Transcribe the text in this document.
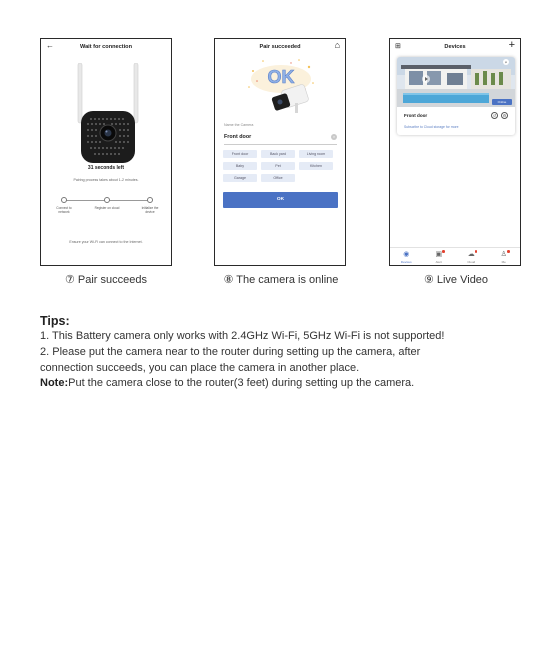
←	Wait for connection
31 seconds left
Pairing process takes about 1-2 minutes.
Connect to network
Register on cloud	Initialize the device
Ensure your Wi-Fi can connect to the Internet.
Pair succeeded	⌂
OK
Name the Camera
Front door	×
Front door	Back yard	Living room
Baby	Pet	Kitchen
Garage	Office
OK
⊞	Devices	+
⌕
Online
Front door	↺	⚙
Subscribe to Cloud storage for more
◉
Devices
▣
Alert
☁
Cloud
♙
Me
⑦ Pair succeeds	⑧ The camera is online	⑨ Live Video
Tips:
1. This Battery camera only works with 2.4GHz Wi-Fi, 5GHz Wi-Fi is not supported!
2. Please put the camera near to the router during setting up the camera, after
connection succeeds, you can place the camera in another place.
Note:Put the camera close to the router(3 feet) during setting up the camera.
